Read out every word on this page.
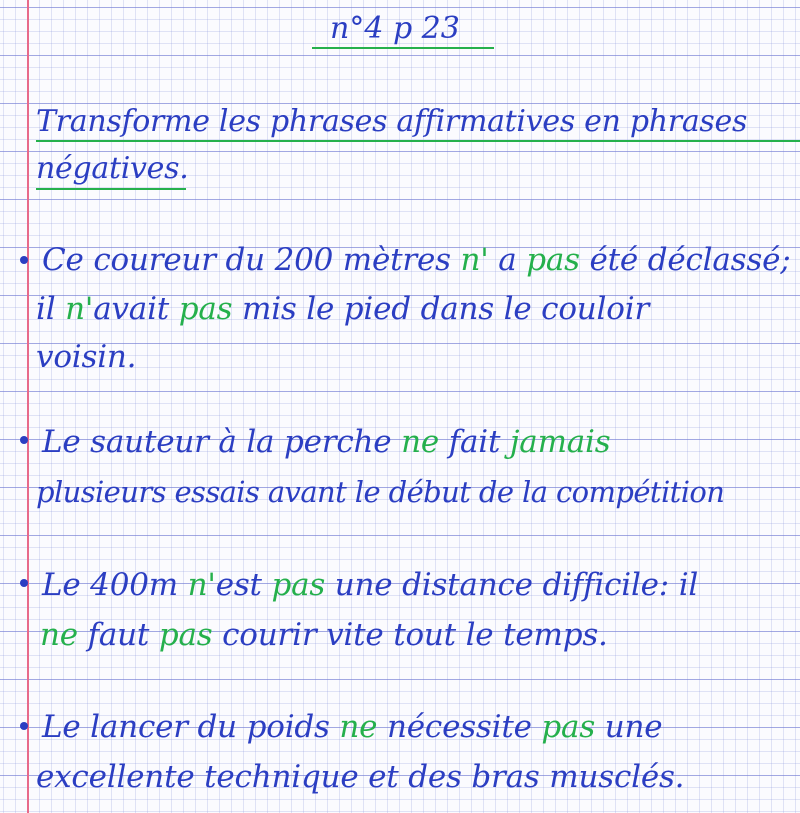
n°4 p 23
Transforme les phrases affirmatives en phrases
négatives.
Ce coureur du 200 mètres n' a pas été déclassé;
il n'avait pas mis le pied dans le couloir
voisin.
Le sauteur à la perche ne fait jamais
plusieurs essais avant le début de la compétition
Le 400m n'est pas une distance difficile: il
ne faut pas courir vite tout le temps.
Le lancer du poids ne nécessite pas une
excellente technique et des bras musclés.
